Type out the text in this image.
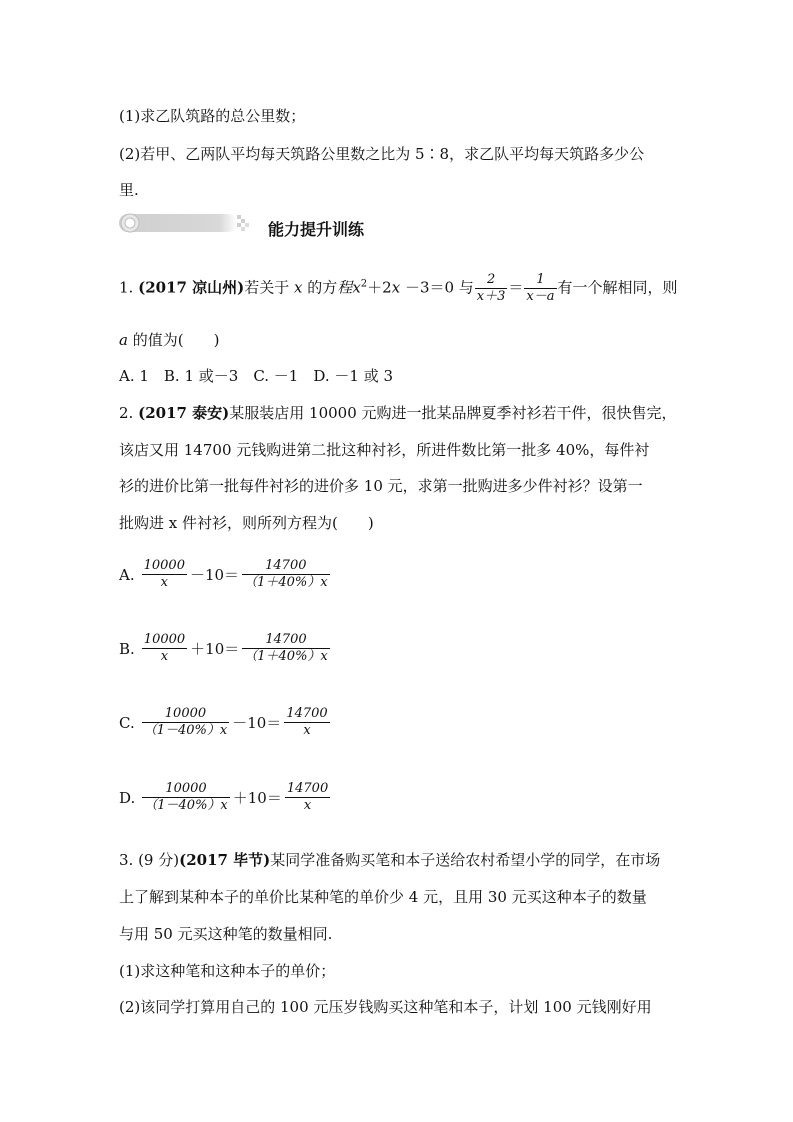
(1)求乙队筑路的总公里数；
(2)若甲、乙两队平均每天筑路公里数之比为 5∶8，求乙队平均每天筑路多少公
里.
能力提升训练
1. (2017 凉山州)若关于 x 的方程$x^2+2x -3=0$ 与 $\frac{2}{x+3} = \frac{1}{x-a}$ 有一个解相同，则
a 的值为(　　)
A. 1　B. 1 或－3　C. －1　D. －1 或 3
2. (2017 泰安)某服装店用 10000 元购进一批某品牌夏季衬衫若干件，很快售完，
该店又用 14700 元钱购进第二批这种衬衫，所进件数比第一批多 40%，每件衬
衫的进价比第一批每件衬衫的进价多 10 元，求第一批购进多少件衬衫？设第一
批购进 x 件衬衫，则所列方程为(　　)
A. $\frac{10000}{x} -10= \frac{14700}{(1+40\%)x}$
B. $\frac{10000}{x} +10= \frac{14700}{(1+40\%)x}$
C. $\frac{10000}{(1-40\%)x} -10= \frac{14700}{x}$
D. $\frac{10000}{(1-40\%)x} +10= \frac{14700}{x}$
3. (9 分)(2017 毕节)某同学准备购买笔和本子送给农村希望小学的同学，在市场
上了解到某种本子的单价比某种笔的单价少 4 元，且用 30 元买这种本子的数量
与用 50 元买这种笔的数量相同.
(1)求这种笔和这种本子的单价；
(2)该同学打算用自己的 100 元压岁钱购买这种笔和本子，计划 100 元钱刚好用
